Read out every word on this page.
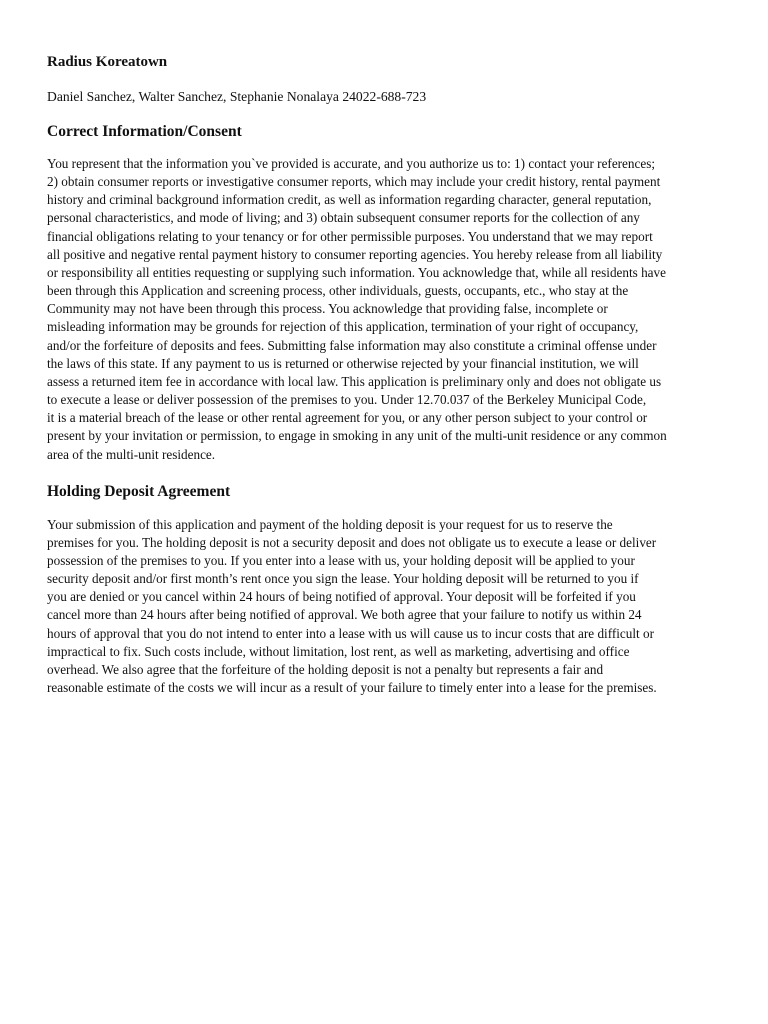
Radius Koreatown

Daniel Sanchez, Walter Sanchez, Stephanie Nonalaya 24022-688-723

Correct Information/Consent
You represent that the information you`ve provided is accurate, and you authorize us to: 1) contact your references;
2) obtain consumer reports or investigative consumer reports, which may include your credit history, rental payment
history and criminal background information credit, as well as information regarding character, general reputation,
personal characteristics, and mode of living; and 3) obtain subsequent consumer reports for the collection of any
financial obligations relating to your tenancy or for other permissible purposes. You understand that we may report
all positive and negative rental payment history to consumer reporting agencies. You hereby release from all liability
or responsibility all entities requesting or supplying such information. You acknowledge that, while all residents have
been through this Application and screening process, other individuals, guests, occupants, etc., who stay at the
Community may not have been through this process. You acknowledge that providing false, incomplete or
misleading information may be grounds for rejection of this application, termination of your right of occupancy,
and/or the forfeiture of deposits and fees. Submitting false information may also constitute a criminal offense under
the laws of this state. If any payment to us is returned or otherwise rejected by your financial institution, we will
assess a returned item fee in accordance with local law. This application is preliminary only and does not obligate us
to execute a lease or deliver possession of the premises to you. Under 12.70.037 of the Berkeley Municipal Code,
it is a material breach of the lease or other rental agreement for you, or any other person subject to your control or
present by your invitation or permission, to engage in smoking in any unit of the multi-unit residence or any common
area of the multi-unit residence.
Holding Deposit Agreement
Your submission of this application and payment of the holding deposit is your request for us to reserve the
premises for you. The holding deposit is not a security deposit and does not obligate us to execute a lease or deliver
possession of the premises to you. If you enter into a lease with us, your holding deposit will be applied to your
security deposit and/or first month’s rent once you sign the lease. Your holding deposit will be returned to you if
you are denied or you cancel within 24 hours of being notified of approval. Your deposit will be forfeited if you
cancel more than 24 hours after being notified of approval. We both agree that your failure to notify us within 24
hours of approval that you do not intend to enter into a lease with us will cause us to incur costs that are difficult or
impractical to fix. Such costs include, without limitation, lost rent, as well as marketing, advertising and office
overhead. We also agree that the forfeiture of the holding deposit is not a penalty but represents a fair and
reasonable estimate of the costs we will incur as a result of your failure to timely enter into a lease for the premises.
